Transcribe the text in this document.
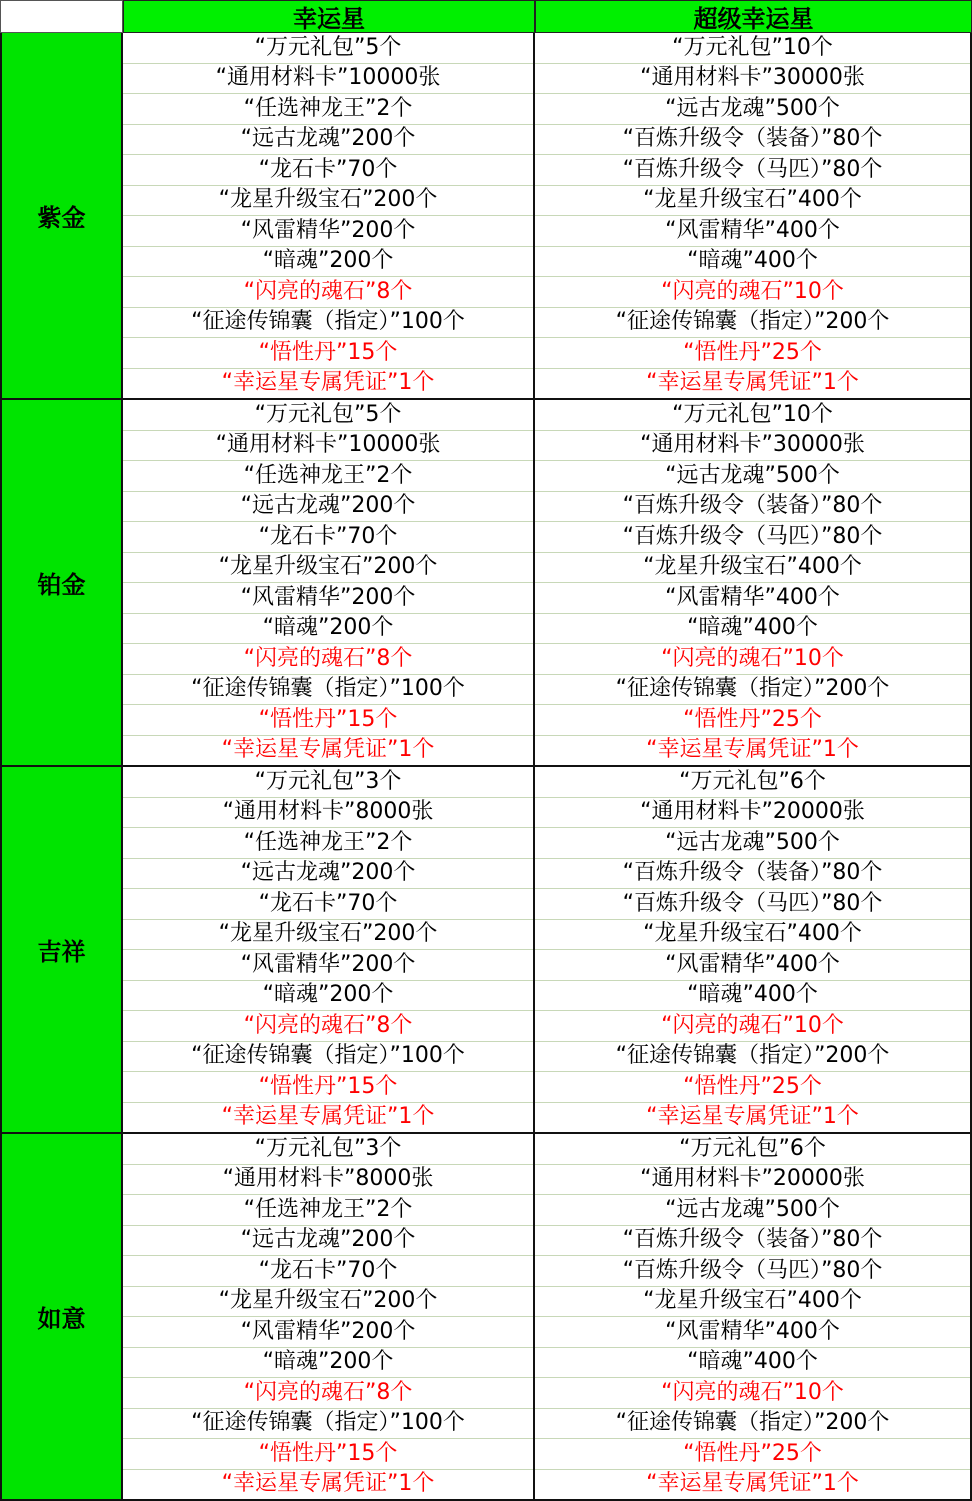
幸运星	超级幸运星
紫金
“万元礼包”5个
“通用材料卡”10000张
“任选神龙王”2个
“远古龙魂”200个
“龙石卡”70个
“龙星升级宝石”200个
“风雷精华”200个
“暗魂”200个
“闪亮的魂石”8个
“征途传锦囊（指定）”100个
“悟性丹”15个
“幸运星专属凭证”1个
“万元礼包”10个
“通用材料卡”30000张
“远古龙魂”500个
“百炼升级令（装备）”80个
“百炼升级令（马匹）”80个
“龙星升级宝石”400个
“风雷精华”400个
“暗魂”400个
“闪亮的魂石”10个
“征途传锦囊（指定）”200个
“悟性丹”25个
“幸运星专属凭证”1个
铂金
“万元礼包”5个
“通用材料卡”10000张
“任选神龙王”2个
“远古龙魂”200个
“龙石卡”70个
“龙星升级宝石”200个
“风雷精华”200个
“暗魂”200个
“闪亮的魂石”8个
“征途传锦囊（指定）”100个
“悟性丹”15个
“幸运星专属凭证”1个
“万元礼包”10个
“通用材料卡”30000张
“远古龙魂”500个
“百炼升级令（装备）”80个
“百炼升级令（马匹）”80个
“龙星升级宝石”400个
“风雷精华”400个
“暗魂”400个
“闪亮的魂石”10个
“征途传锦囊（指定）”200个
“悟性丹”25个
“幸运星专属凭证”1个
吉祥
“万元礼包”3个
“通用材料卡”8000张
“任选神龙王”2个
“远古龙魂”200个
“龙石卡”70个
“龙星升级宝石”200个
“风雷精华”200个
“暗魂”200个
“闪亮的魂石”8个
“征途传锦囊（指定）”100个
“悟性丹”15个
“幸运星专属凭证”1个
“万元礼包”6个
“通用材料卡”20000张
“远古龙魂”500个
“百炼升级令（装备）”80个
“百炼升级令（马匹）”80个
“龙星升级宝石”400个
“风雷精华”400个
“暗魂”400个
“闪亮的魂石”10个
“征途传锦囊（指定）”200个
“悟性丹”25个
“幸运星专属凭证”1个
如意
“万元礼包”3个
“通用材料卡”8000张
“任选神龙王”2个
“远古龙魂”200个
“龙石卡”70个
“龙星升级宝石”200个
“风雷精华”200个
“暗魂”200个
“闪亮的魂石”8个
“征途传锦囊（指定）”100个
“悟性丹”15个
“幸运星专属凭证”1个
“万元礼包”6个
“通用材料卡”20000张
“远古龙魂”500个
“百炼升级令（装备）”80个
“百炼升级令（马匹）”80个
“龙星升级宝石”400个
“风雷精华”400个
“暗魂”400个
“闪亮的魂石”10个
“征途传锦囊（指定）”200个
“悟性丹”25个
“幸运星专属凭证”1个
